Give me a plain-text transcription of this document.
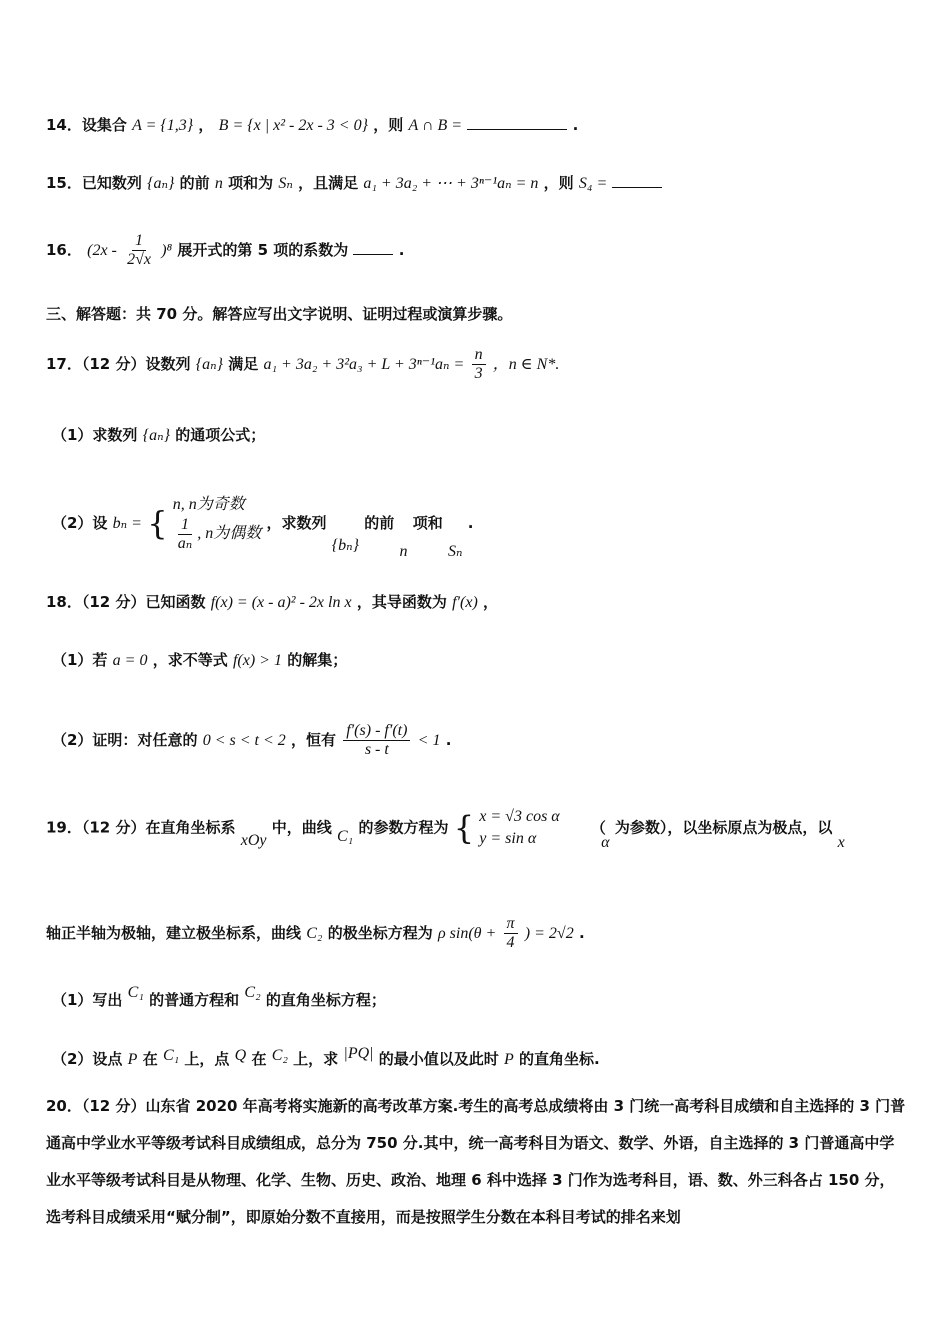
14．设集合 A = {1,3} ， B = {x | x² - 2x - 3 < 0} ，则 A ∩ B =	.
15．已知数列 {aₙ} 的前 n 项和为 Sₙ ，且满足 a₁ + 3a₂ + ⋯ + 3ⁿ⁻¹aₙ = n ，则 S₄ =
16． $(2x - \frac{1}{2√x} )^8$ 展开式的第 5 项的系数为	.
三、解答题：共 70 分。解答应写出文字说明、证明过程或演算步骤。
17．（12 分）设数列 {aₙ} 满足 $a_1 + 3a_2 + 3^2a_3 + L + 3^{n-1}a_n = \frac{n}{3}$ ，n ∈ N*.
（1）求数列 {aₙ} 的通项公式；
（2）设 bₙ = { n, n为奇数
$\frac{1}{\text{aₙ}}$ , n为偶数
，求数列 {bₙ} 的前 n 项和 Sₙ .
18．（12 分）已知函数 f(x) = (x - a)² - 2x ln x ，其导函数为 f′(x) ，
（1）若 a = 0 ，求不等式 f(x) > 1 的解集；
（2）证明：对任意的 0 < s < t < 2 ，恒有 $\frac{f'(s) - f'(t)}{s - t} < 1$ .
19．（12 分）在直角坐标系 xOy 中，曲线 C₁ 的参数方程为 { x = √3 cos α
y = sin α
（ α 为参数），以坐标原点为极点，以 x
轴正半轴为极轴，建立极坐标系，曲线 C₂ 的极坐标方程为 ρ $\sin(\theta + \frac{\pi}{4}$ ) = 2√2 .
（1）写出 C₁ 的普通方程和 C₂ 的直角坐标方程；
（2）设点 P 在 C₁ 上，点 Q 在 C₂ 上，求 |PQ| 的最小值以及此时 P 的直角坐标.
20．（12 分）山东省 2020 年高考将实施新的高考改革方案.考生的高考总成绩将由 3 门统一高考科目成绩和自主选择的 3 门普通高中学业水平等级考试科目成绩组成，总分为 750 分.其中，统一高考科目为语文、数学、外语，自主选择的 3 门普通高中学业水平等级考试科目是从物理、化学、生物、历史、政治、地理 6 科中选择 3 门作为选考科目，语、数、外三科各占 150 分，选考科目成绩采用“赋分制”，即原始分数不直接用，而是按照学生分数在本科目考试的排名来划
